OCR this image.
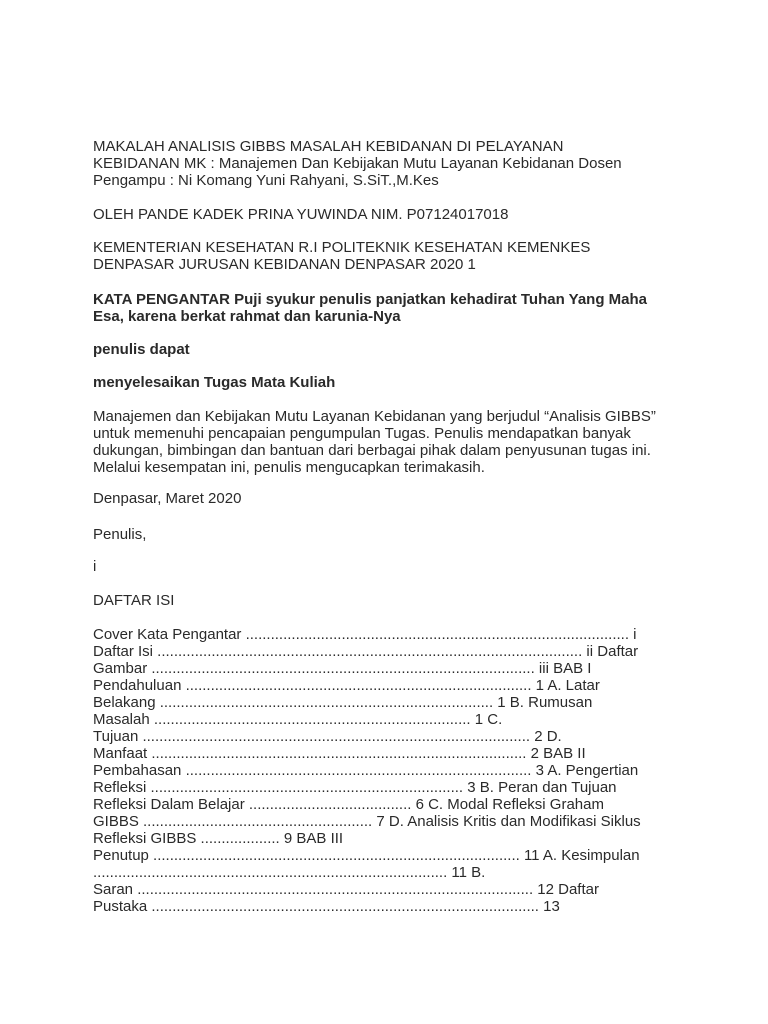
MAKALAH ANALISIS GIBBS MASALAH KEBIDANAN DI PELAYANAN
KEBIDANAN MK : Manajemen Dan Kebijakan Mutu Layanan Kebidanan Dosen
Pengampu : Ni Komang Yuni Rahyani, S.SiT.,M.Kes
OLEH PANDE KADEK PRINA YUWINDA NIM. P07124017018
KEMENTERIAN KESEHATAN R.I POLITEKNIK KESEHATAN KEMENKES
DENPASAR JURUSAN KEBIDANAN DENPASAR 2020 1
KATA PENGANTAR Puji syukur penulis panjatkan kehadirat Tuhan Yang Maha
Esa, karena berkat rahmat dan karunia-Nya
penulis dapat
menyelesaikan Tugas Mata Kuliah
Manajemen dan Kebijakan Mutu Layanan Kebidanan yang berjudul “Analisis GIBBS”
untuk memenuhi pencapaian pengumpulan Tugas. Penulis mendapatkan banyak
dukungan, bimbingan dan bantuan dari berbagai pihak dalam penyusunan tugas ini.
Melalui kesempatan ini, penulis mengucapkan terimakasih.
Denpasar, Maret 2020
Penulis,
i
DAFTAR ISI
Cover Kata Pengantar ............................................................................................ i
Daftar Isi ...................................................................................................... ii Daftar
Gambar ............................................................................................ iii BAB I
Pendahuluan ................................................................................... 1 A. Latar
Belakang ................................................................................ 1 B. Rumusan
Masalah ............................................................................ 1 C.
Tujuan ............................................................................................. 2 D.
Manfaat .......................................................................................... 2 BAB II
Pembahasan ................................................................................... 3 A. Pengertian
Refleksi ........................................................................... 3 B. Peran dan Tujuan
Refleksi Dalam Belajar ....................................... 6 C. Modal Refleksi Graham
GIBBS ....................................................... 7 D. Analisis Kritis dan Modifikasi Siklus
Refleksi GIBBS ................... 9 BAB III
Penutup ........................................................................................ 11 A. Kesimpulan
..................................................................................... 11 B.
Saran ............................................................................................... 12 Daftar
Pustaka ............................................................................................. 13
